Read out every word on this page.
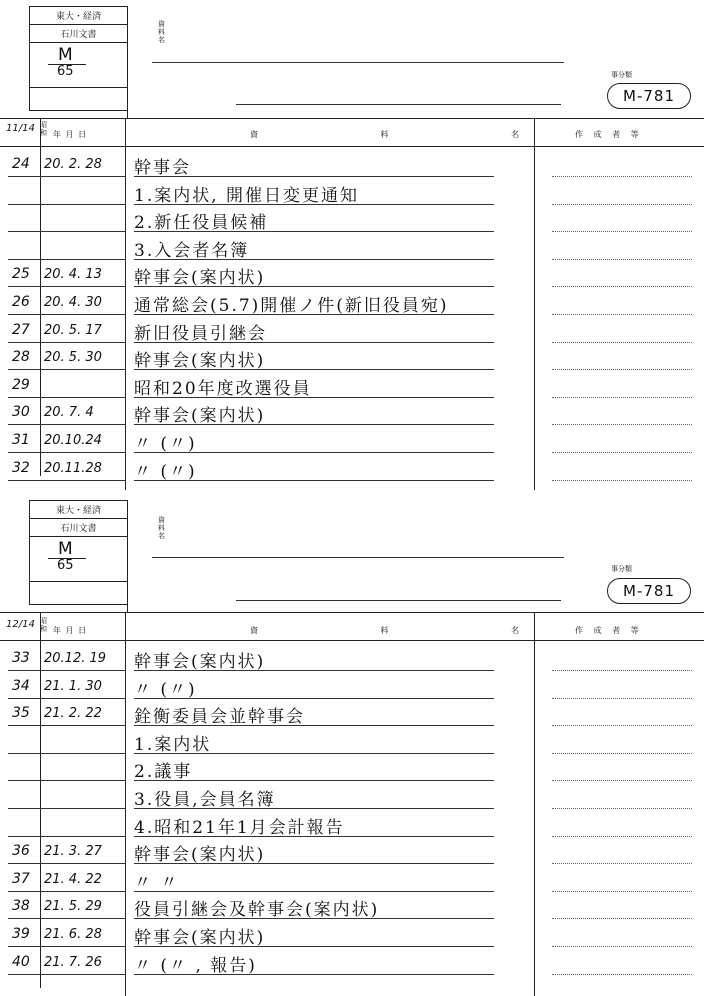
東大・経済
石川文書
M
65
資料名
事分類
M-781
11/14 昭和 年 月 日	資 料 名
作 成 者 等
24 20. 2. 28 幹事会
1.案内状, 開催日変更通知
2.新任役員候補
3.入会者名簿
25 20. 4. 13 幹事会(案内状)
26 20. 4. 30 通常総会(5.7)開催ノ件(新旧役員宛)
27 20. 5. 17 新旧役員引継会
28 20. 5. 30 幹事会(案内状)
29	昭和20年度改選役員
30 20. 7. 4 幹事会(案内状)
31 20.10.24 〃 (〃)
32 20.11.28 〃 (〃)
東大・経済
石川文書
M
65
資料名
事分類
M-781
12/14 昭和 年 月 日	資 料 名
作 成 者 等
33 20.12. 19 幹事会(案内状)
34 21. 1. 30 〃 (〃)
35 21. 2. 22 銓衡委員会並幹事会
1.案内状
2.議事
3.役員,会員名簿
4.昭和21年1月会計報告
36 21. 3. 27 幹事会(案内状)
37 21. 4. 22 〃 〃
38 21. 5. 29 役員引継会及幹事会(案内状)
39 21. 6. 28 幹事会(案内状)
40 21. 7. 26 〃 (〃 , 報告)
